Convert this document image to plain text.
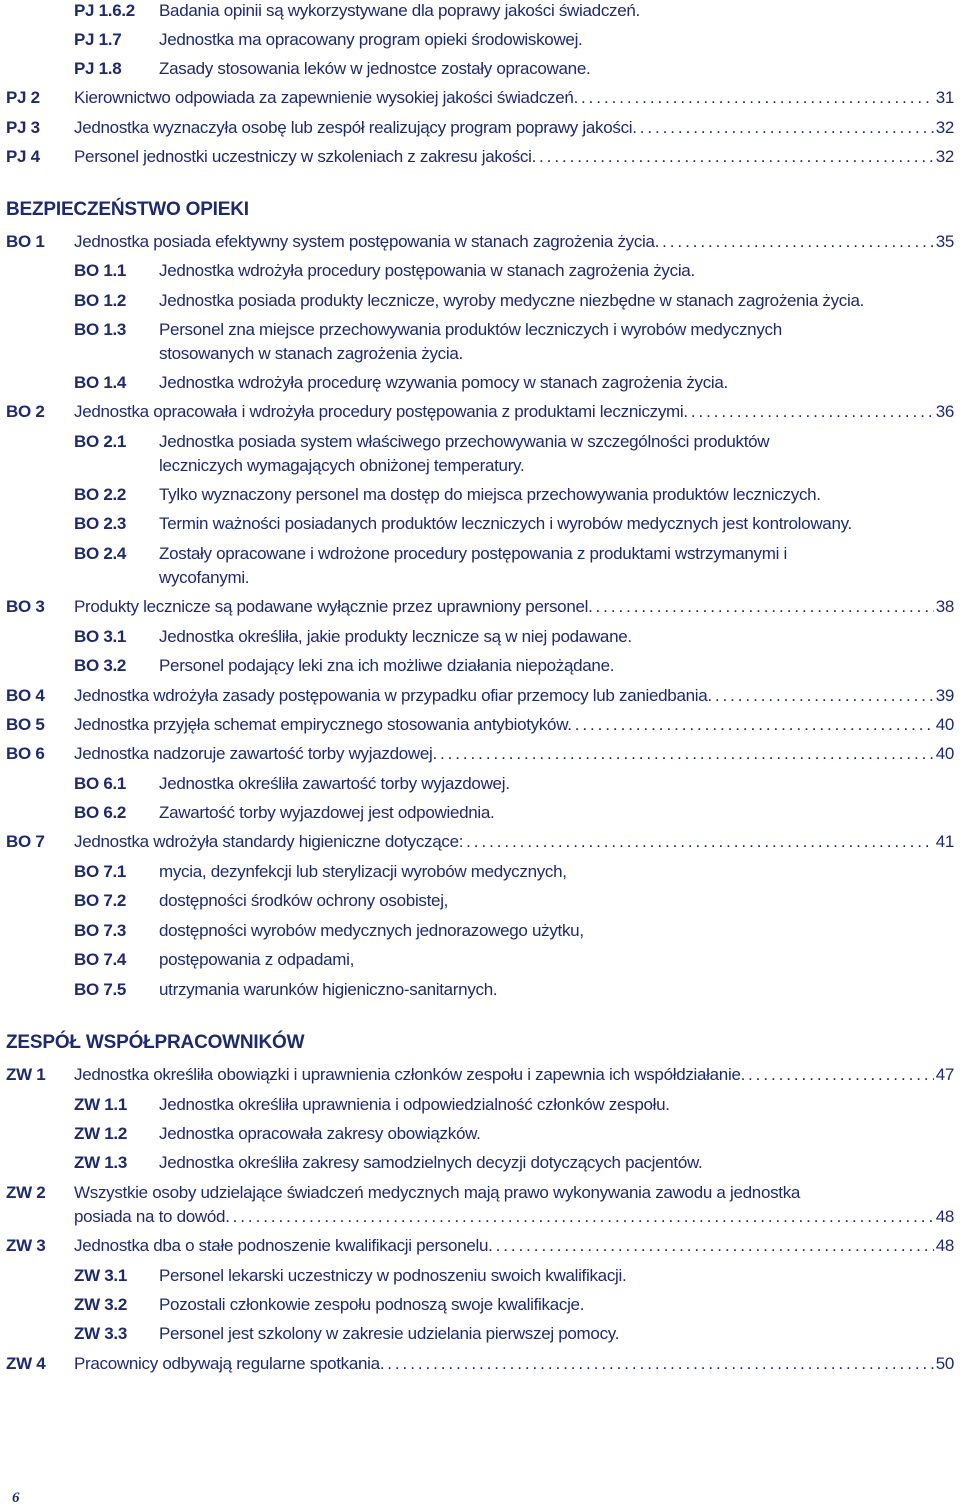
PJ 1.6.2 Badania opinii są wykorzystywane dla poprawy jakości świadczeń.
PJ 1.7 Jednostka ma opracowany program opieki środowiskowej.
PJ 1.8 Zasady stosowania leków w jednostce zostały opracowane.
PJ 2 Kierownictwo odpowiada za zapewnienie wysokiej jakości świadczeń. . . .	31
PJ 3 Jednostka wyznaczyła osobę lub zespół realizujący program poprawy jakości. . . .	32
PJ 4 Personel jednostki uczestniczy w szkoleniach z zakresu jakości. . . .	32
BEZPIECZEŃSTWO OPIEKI
BO 1 Jednostka posiada efektywny system postępowania w stanach zagrożenia życia. . . .	35
BO 1.1 Jednostka wdrożyła procedury postępowania w stanach zagrożenia życia.
BO 1.2 Jednostka posiada produkty lecznicze, wyroby medyczne niezbędne w stanach zagrożenia życia.
BO 1.3 Personel zna miejsce przechowywania produktów leczniczych i wyrobów medycznych stosowanych w stanach zagrożenia życia.
BO 1.4 Jednostka wdrożyła procedurę wzywania pomocy w stanach zagrożenia życia.
BO 2 Jednostka opracowała i wdrożyła procedury postępowania z produktami leczniczymi. . . .	36
BO 2.1 Jednostka posiada system właściwego przechowywania w szczególności produktów leczniczych wymagających obniżonej temperatury.
BO 2.2 Tylko wyznaczony personel ma dostęp do miejsca przechowywania produktów leczniczych.
BO 2.3 Termin ważności posiadanych produktów leczniczych i wyrobów medycznych jest kontrolowany.
BO 2.4 Zostały opracowane i wdrożone procedury postępowania z produktami wstrzymanymi i wycofanymi.
BO 3 Produkty lecznicze są podawane wyłącznie przez uprawniony personel. . . .	38
BO 3.1 Jednostka określiła, jakie produkty lecznicze są w niej podawane.
BO 3.2 Personel podający leki zna ich możliwe działania niepożądane.
BO 4 Jednostka wdrożyła zasady postępowania w przypadku ofiar przemocy lub zaniedbania. . . .	39
BO 5 Jednostka przyjęła schemat empirycznego stosowania antybiotyków. . . .	40
BO 6 Jednostka nadzoruje zawartość torby wyjazdowej. . . .	40
BO 6.1 Jednostka określiła zawartość torby wyjazdowej.
BO 6.2 Zawartość torby wyjazdowej jest odpowiednia.
BO 7 Jednostka wdrożyła standardy higieniczne dotyczące: . . .	41
BO 7.1 mycia, dezynfekcji lub sterylizacji wyrobów medycznych,
BO 7.2 dostępności środków ochrony osobistej,
BO 7.3 dostępności wyrobów medycznych jednorazowego użytku,
BO 7.4 postępowania z odpadami,
BO 7.5 utrzymania warunków higieniczno-sanitarnych.
ZESPÓŁ WSPÓŁPRACOWNIKÓW
ZW 1 Jednostka określiła obowiązki i uprawnienia członków zespołu i zapewnia ich współdziałanie. . . .	47
ZW 1.1 Jednostka określiła uprawnienia i odpowiedzialność członków zespołu.
ZW 1.2 Jednostka opracowała zakresy obowiązków.
ZW 1.3 Jednostka określiła zakresy samodzielnych decyzji dotyczących pacjentów.
ZW 2 Wszystkie osoby udzielające świadczeń medycznych mają prawo wykonywania zawodu a jednostka
posiada na to dowód. . . .	48
ZW 3 Jednostka dba o stałe podnoszenie kwalifikacji personelu. . . .	48
ZW 3.1 Personel lekarski uczestniczy w podnoszeniu swoich kwalifikacji.
ZW 3.2 Pozostali członkowie zespołu podnoszą swoje kwalifikacje.
ZW 3.3 Personel jest szkolony w zakresie udzielania pierwszej pomocy.
ZW 4 Pracownicy odbywają regularne spotkania. . . .	50
6
